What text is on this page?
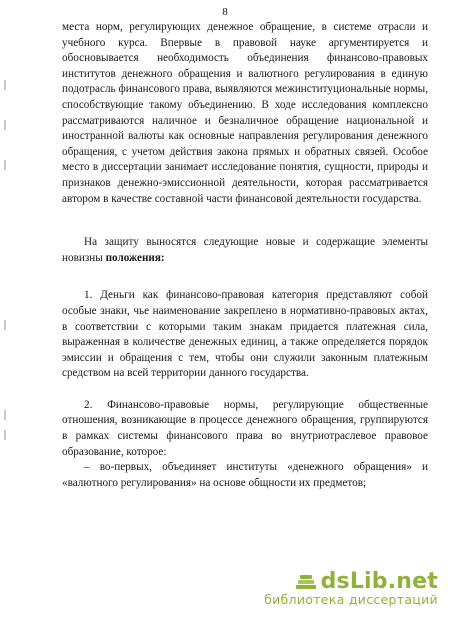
8

места норм, регулирующих денежное обращение, в системе отрасли и учебного курса. Впервые в правовой науке аргументируется и обосновывается необходимость объединения финансово-правовых институтов денежного обращения и валютного регулирования в единую подотрасль финансового права, выявляются межинституциональные нормы, способствующие такому объединению. В ходе исследования комплексно рассматриваются наличное и безналичное обращение национальной и иностранной валюты как основные направления регулирования денежного обращения, с учетом действия закона прямых и обратных связей. Особое место в диссертации занимает исследование понятия, сущности, природы и признаков денежно-эмиссионной деятельности, которая рассматривается автором в качестве составной части финансовой деятельности государства.

На защиту выносятся следующие новые и содержащие элементы новизны положения:

1. Деньги как финансово-правовая категория представляют собой особые знаки, чье наименование закреплено в нормативно-правовых актах, в соответствии с которыми таким знакам придается платежная сила, выраженная в количестве денежных единиц, а также определяется порядок эмиссии и обращения с тем, чтобы они служили законным платежным средством на всей территории данного государства.

2. Финансово-правовые нормы, регулирующие общественные отношения, возникающие в процессе денежного обращения, группируются в рамках системы финансового права во внутриотраслевое правовое образование, которое:

– во-первых, объединяет институты «денежного обращения» и «валютного регулирования» на основе общности их предметов;

dsLib.net
библиотека диссертаций
